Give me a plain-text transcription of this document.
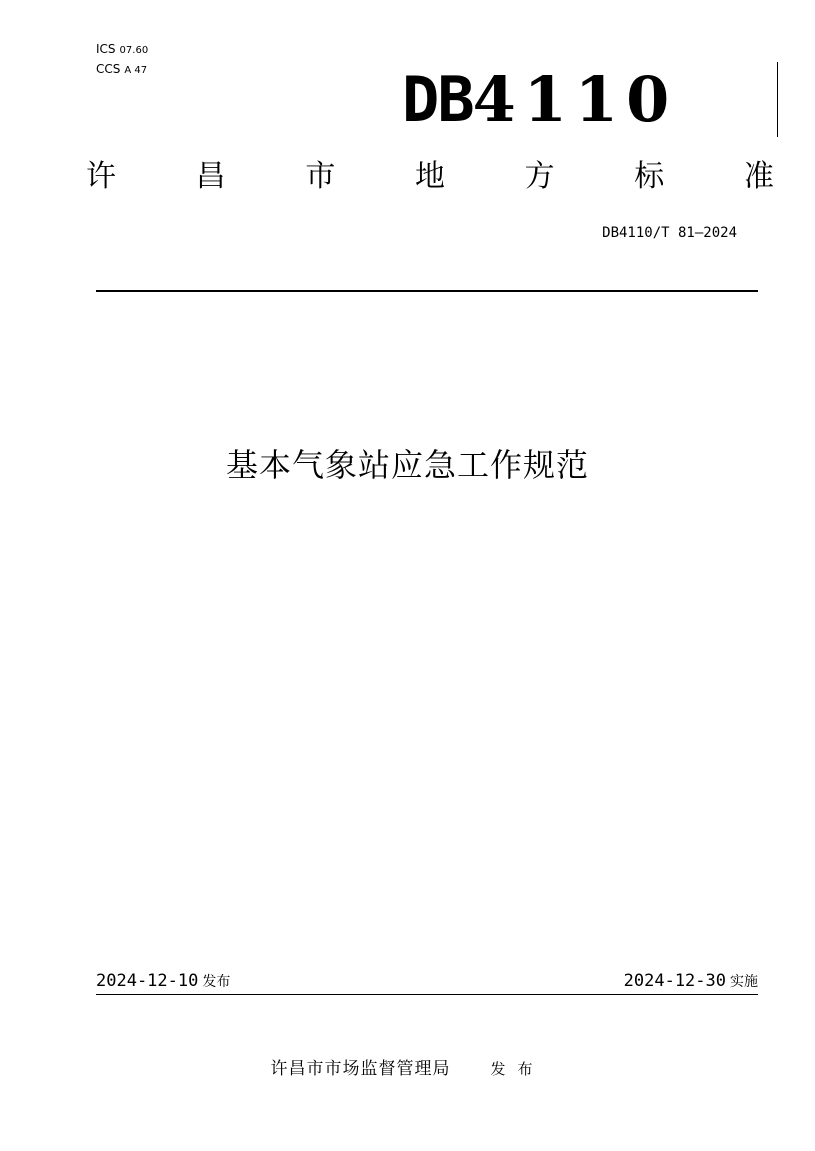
ICS 07.60
CCS A 47	DB4110
许	昌	市	地	方	标	准
DB4110/T 81—2024
基本气象站应急工作规范
2024-12-10 发布	2024-12-30 实施
许昌市市场监督管理局	发布
